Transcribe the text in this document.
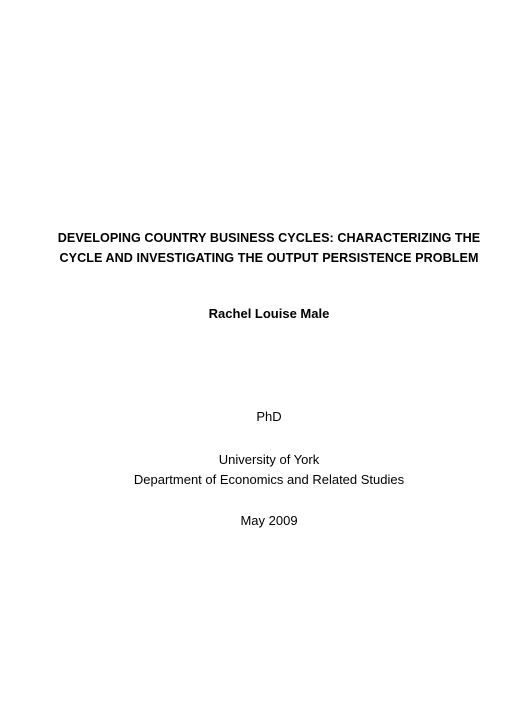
DEVELOPING COUNTRY BUSINESS CYCLES: CHARACTERIZING THE
CYCLE AND INVESTIGATING THE OUTPUT PERSISTENCE PROBLEM
Rachel Louise Male
PhD
University of York
Department of Economics and Related Studies
May 2009
